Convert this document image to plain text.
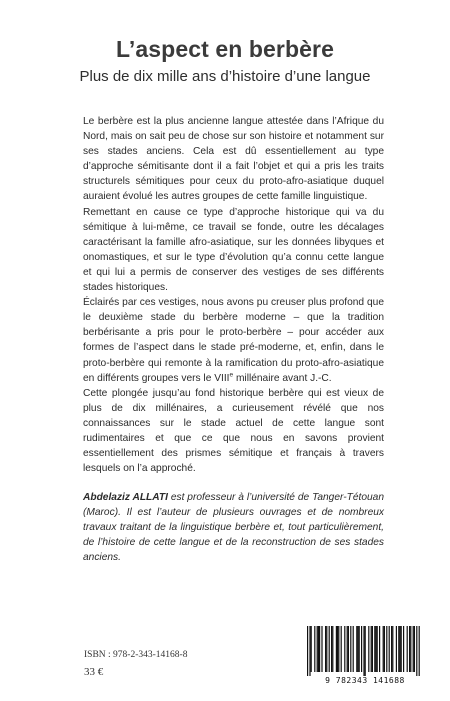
L’aspect en berbère
Plus de dix mille ans d’histoire d’une langue

Le berbère est la plus ancienne langue attestée dans l’Afrique du Nord, mais on sait peu de chose sur son histoire et notamment sur ses stades anciens. Cela est dû essentiellement au type d’approche sémitisante dont il a fait l’objet et qui a pris les traits structurels sémitiques pour ceux du proto-afro-asiatique duquel auraient évolué les autres groupes de cette famille linguistique.

Remettant en cause ce type d’approche historique qui va du sémitique à lui-même, ce travail se fonde, outre les décalages caractérisant la famille afro-asiatique, sur les données libyques et onomastiques, et sur le type d’évolution qu’a connu cette langue et qui lui a permis de conserver des vestiges de ses différents stades historiques.

Éclairés par ces vestiges, nous avons pu creuser plus profond que le deuxième stade du berbère moderne – que la tradition berbérisante a pris pour le proto-berbère – pour accéder aux formes de l’aspect dans le stade pré-moderne, et, enfin, dans le proto-berbère qui remonte à la ramification du proto-afro-asiatique en différents groupes vers le VIIIe millénaire avant J.-C.

Cette plongée jusqu’au fond historique berbère qui est vieux de plus de dix millénaires, a curieusement révélé que nos connaissances sur le stade actuel de cette langue sont rudimentaires et que ce que nous en savons provient essentiellement des prismes sémitique et français à travers lesquels on l’a approché.

Abdelaziz ALLATI est professeur à l’université de Tanger-Tétouan (Maroc). Il est l’auteur de plusieurs ouvrages et de nombreux travaux traitant de la linguistique berbère et, tout particulièrement, de l’histoire de cette langue et de la reconstruction de ses stades anciens.
ISBN : 978-2-343-14168-8
33 €
9 782343 141688
